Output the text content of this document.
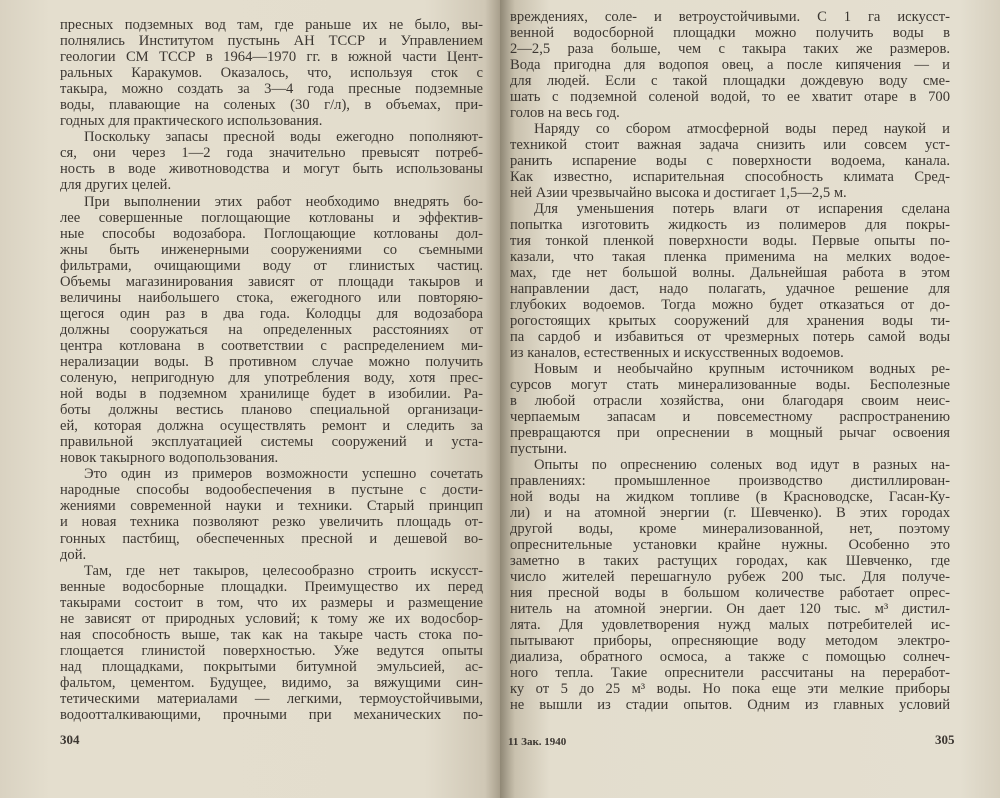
пресных подземных вод там, где раньше их не было, вы-
полнялись Институтом пустынь АН ТССР и Управлением
геологии СМ ТССР в 1964—1970 гг. в южной части Цент-
ральных Каракумов. Оказалось, что, используя сток с
такыра, можно создать за 3—4 года пресные подземные
воды, плавающие на соленых (30 г/л), в объемах, при-
годных для практического использования.
Поскольку запасы пресной воды ежегодно пополняют-
ся, они через 1—2 года значительно превысят потреб-
ность в воде животноводства и могут быть использованы
для других целей.
При выполнении этих работ необходимо внедрять бо-
лее совершенные поглощающие котлованы и эффектив-
ные способы водозабора. Поглощающие котлованы дол-
жны быть инженерными сооружениями со съемными
фильтрами, очищающими воду от глинистых частиц.
Объемы магазинирования зависят от площади такыров и
величины наибольшего стока, ежегодного или повторяю-
щегося один раз в два года. Колодцы для водозабора
должны сооружаться на определенных расстояниях от
центра котлована в соответствии с распределением ми-
нерализации воды. В противном случае можно получить
соленую, непригодную для употребления воду, хотя прес-
ной воды в подземном хранилище будет в изобилии. Ра-
боты должны вестись планово специальной организаци-
ей, которая должна осуществлять ремонт и следить за
правильной эксплуатацией системы сооружений и уста-
новок такырного водопользования.
Это один из примеров возможности успешно сочетать
народные способы водообеспечения в пустыне с дости-
жениями современной науки и техники. Старый принцип
и новая техника позволяют резко увеличить площадь от-
гонных пастбищ, обеспеченных пресной и дешевой во-
дой.
Там, где нет такыров, целесообразно строить искусст-
венные водосборные площадки. Преимущество их перед
такырами состоит в том, что их размеры и размещение
не зависят от природных условий; к тому же их водосбор-
ная способность выше, так как на такыре часть стока по-
глощается глинистой поверхностью. Уже ведутся опыты
над площадками, покрытыми битумной эмульсией, ас-
фальтом, цементом. Будущее, видимо, за вяжущими син-
тетическими материалами — легкими, термоустойчивыми,
водоотталкивающими, прочными при механических по-
304
вреждениях, соле- и ветроустойчивыми. С 1 га искусст-
венной водосборной площадки можно получить воды в
2—2,5 раза больше, чем с такыра таких же размеров.
Вода пригодна для водопоя овец, а после кипячения — и
для людей. Если с такой площадки дождевую воду сме-
шать с подземной соленой водой, то ее хватит отаре в 700
голов на весь год.
Наряду со сбором атмосферной воды перед наукой и
техникой стоит важная задача снизить или совсем уст-
ранить испарение воды с поверхности водоема, канала.
Как известно, испарительная способность климата Сред-
ней Азии чрезвычайно высока и достигает 1,5—2,5 м.
Для уменьшения потерь влаги от испарения сделана
попытка изготовить жидкость из полимеров для покры-
тия тонкой пленкой поверхности воды. Первые опыты по-
казали, что такая пленка применима на мелких водое-
мах, где нет большой волны. Дальнейшая работа в этом
направлении даст, надо полагать, удачное решение для
глубоких водоемов. Тогда можно будет отказаться от до-
рогостоящих крытых сооружений для хранения воды ти-
па сардоб и избавиться от чрезмерных потерь самой воды
из каналов, естественных и искусственных водоемов.
Новым и необычайно крупным источником водных ре-
сурсов могут стать минерализованные воды. Бесполезные
в любой отрасли хозяйства, они благодаря своим неис-
черпаемым запасам и повсеместному распространению
превращаются при опреснении в мощный рычаг освоения
пустыни.
Опыты по опреснению соленых вод идут в разных на-
правлениях: промышленное производство дистиллирован-
ной воды на жидком топливе (в Красноводске, Гасан-Ку-
ли) и на атомной энергии (г. Шевченко). В этих городах
другой воды, кроме минерализованной, нет, поэтому
опреснительные установки крайне нужны. Особенно это
заметно в таких растущих городах, как Шевченко, где
число жителей перешагнуло рубеж 200 тыс. Для получе-
ния пресной воды в большом количестве работает опрес-
нитель на атомной энергии. Он дает 120 тыс. м³ дистил-
лята. Для удовлетворения нужд малых потребителей ис-
пытывают приборы, опресняющие воду методом электро-
диализа, обратного осмоса, а также с помощью солнеч-
ного тепла. Такие опреснители рассчитаны на переработ-
ку от 5 до 25 м³ воды. Но пока еще эти мелкие приборы
не вышли из стадии опытов. Одним из главных условий
11 Зак. 1940	305
